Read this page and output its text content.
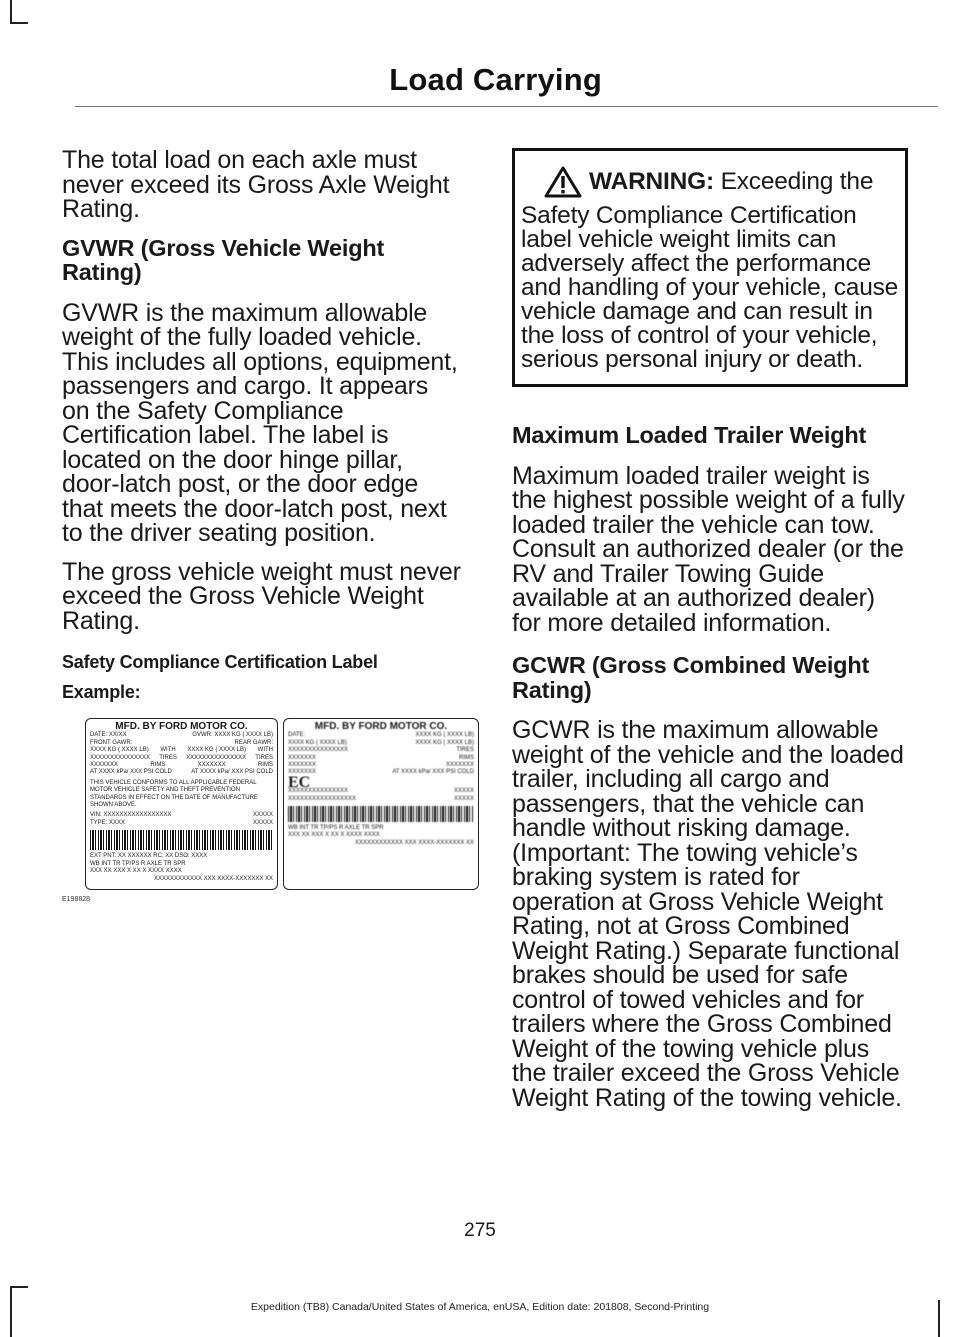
Load Carrying

The total load on each axle must never exceed its Gross Axle Weight Rating.

GVWR (Gross Vehicle Weight Rating)

GVWR is the maximum allowable weight of the fully loaded vehicle. This includes all options, equipment, passengers and cargo. It appears on the Safety Compliance Certification label. The label is located on the door hinge pillar, door-latch post, or the door edge that meets the door-latch post, next to the driver seating position.

The gross vehicle weight must never exceed the Gross Vehicle Weight Rating.

Safety Compliance Certification Label

Example:

MFD. BY FORD MOTOR CO.
DATE: XX/XX	GVWR: XXXX KG ( XXXX LB)
FRONT GAWR:	REAR GAWR:
XXXX KG ( XXXX LB) WITH XXXX KG ( XXXX LB) WITH
XXXXXXXXXXXXXXX TIRES XXXXXXXXXXXXXXX TIRES
XXXXXXX	RIMS	XXXXXXX	RIMS
AT XXXX kPa/ XXX PSI COLD	AT XXXX kPa/ XXX PSI COLD
THIS VEHICLE CONFORMS TO ALL APPLICABLE FEDERAL MOTOR VEHICLE SAFETY AND THEFT PREVENTION STANDARDS IN EFFECT ON THE DATE OF MANUFACTURE SHOWN ABOVE.
VIN: XXXXXXXXXXXXXXXXX	XXXXX
TYPE: XXXX	XXXXX
EXT PNT: XX XXXXXX RC: XX DSO: XXXX
WB INT TR TP/PS R AXLE TR SPR
XXX XX XXX X XX X XXXX XXXX
XXXXXXXXXXXX XXX XXXX-XXXXXXX XX
MFD. BY FORD MOTOR CO.
DATE:	XXXX KG ( XXXX LB)
XXXX KG ( XXXX LB)	XXXX KG ( XXXX LB)
XXXXXXXXXXXXXXX	TIRES
XXXXXXX	RIMS
XXXXXXX	XXXXXXX
XXXXXXX	AT XXXX kPa/ XXX PSI COLD
EC
XXXXXXXXXXXXXXX	XXXXX
XXXXXXXXXXXXXXXXX	XXXXX
WB INT TR TP/PS R AXLE TR SPR
XXX XX XXX X XX X XXXX XXXX
XXXXXXXXXXXX XXX XXXX-XXXXXXX XX
E198828

WARNING: Exceeding the Safety Compliance Certification label vehicle weight limits can adversely affect the performance and handling of your vehicle, cause vehicle damage and can result in the loss of control of your vehicle, serious personal injury or death.

Maximum Loaded Trailer Weight

Maximum loaded trailer weight is the highest possible weight of a fully loaded trailer the vehicle can tow. Consult an authorized dealer (or the RV and Trailer Towing Guide available at an authorized dealer) for more detailed information.

GCWR (Gross Combined Weight Rating)

GCWR is the maximum allowable weight of the vehicle and the loaded trailer, including all cargo and passengers, that the vehicle can handle without risking damage. (Important: The towing vehicle’s braking system is rated for operation at Gross Vehicle Weight Rating, not at Gross Combined Weight Rating.) Separate functional brakes should be used for safe control of towed vehicles and for trailers where the Gross Combined Weight of the towing vehicle plus the trailer exceed the Gross Vehicle Weight Rating of the towing vehicle.

275
Expedition (TB8) Canada/United States of America, enUSA, Edition date: 201808, Second-Printing
